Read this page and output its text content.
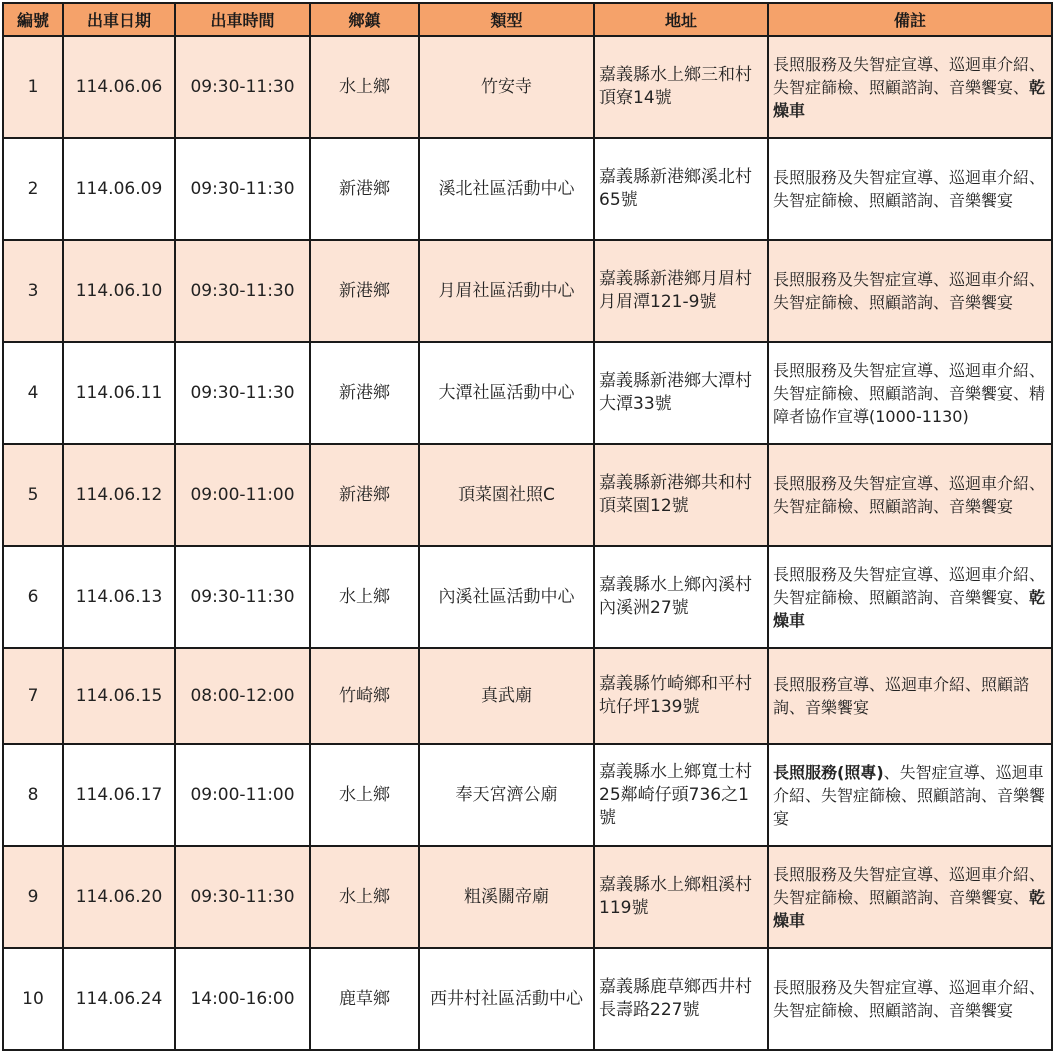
編號	出車日期	出車時間	鄉鎮	類型	地址	備註
1	114.06.06	09:30-11:30	水上鄉	竹安寺	嘉義縣水上鄉三和村頂寮14號	長照服務及失智症宣導、巡迴車介紹、失智症篩檢、照顧諮詢、音樂饗宴、乾燥車
2	114.06.09	09:30-11:30	新港鄉	溪北社區活動中心	嘉義縣新港鄉溪北村65號	長照服務及失智症宣導、巡迴車介紹、失智症篩檢、照顧諮詢、音樂饗宴
3	114.06.10	09:30-11:30	新港鄉	月眉社區活動中心	嘉義縣新港鄉月眉村月眉潭121-9號	長照服務及失智症宣導、巡迴車介紹、失智症篩檢、照顧諮詢、音樂饗宴
4	114.06.11	09:30-11:30	新港鄉	大潭社區活動中心	嘉義縣新港鄉大潭村大潭33號	長照服務及失智症宣導、巡迴車介紹、失智症篩檢、照顧諮詢、音樂饗宴、精障者協作宣導(1000-1130)
5	114.06.12	09:00-11:00	新港鄉	頂菜園社照C	嘉義縣新港鄉共和村頂菜園12號	長照服務及失智症宣導、巡迴車介紹、失智症篩檢、照顧諮詢、音樂饗宴
6	114.06.13	09:30-11:30	水上鄉	內溪社區活動中心	嘉義縣水上鄉內溪村內溪洲27號	長照服務及失智症宣導、巡迴車介紹、失智症篩檢、照顧諮詢、音樂饗宴、乾燥車
7	114.06.15	08:00-12:00	竹崎鄉	真武廟	嘉義縣竹崎鄉和平村坑仔坪139號	長照服務宣導、巡迴車介紹、照顧諮詢、音樂饗宴
8	114.06.17	09:00-11:00	水上鄉	奉天宮濟公廟	嘉義縣水上鄉寬士村25鄰崎仔頭736之1號	長照服務(照專)、失智症宣導、巡迴車介紹、失智症篩檢、照顧諮詢、音樂饗宴
9	114.06.20	09:30-11:30	水上鄉	粗溪關帝廟	嘉義縣水上鄉粗溪村119號	長照服務及失智症宣導、巡迴車介紹、失智症篩檢、照顧諮詢、音樂饗宴、乾燥車
10	114.06.24	14:00-16:00	鹿草鄉	西井村社區活動中心	嘉義縣鹿草鄉西井村長壽路227號	長照服務及失智症宣導、巡迴車介紹、失智症篩檢、照顧諮詢、音樂饗宴
